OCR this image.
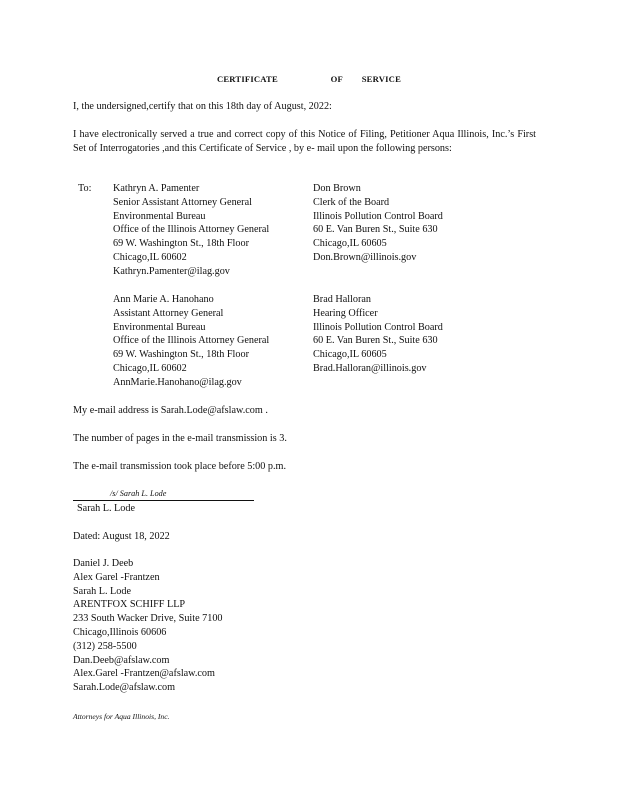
CERTIFICATE	OF SERVICE
I, the undersigned,certify that on this 18th day of August, 2022:
I have electronically served a true and correct copy of this Notice of Filing, Petitioner Aqua Illinois, Inc.’s First Set of Interrogatories ,and this Certificate of Service , by e- mail upon the following persons:
To: Kathryn A. Pamenter
Senior Assistant Attorney General
Environmental Bureau
Office of the Illinois Attorney General
69 W. Washington St., 18th Floor
Chicago,IL 60602
Kathryn.Pamenter@ilag.gov
Don Brown
Clerk of the Board
Illinois Pollution Control Board
60 E. Van Buren St., Suite 630
Chicago,IL 60605
Don.Brown@illinois.gov
Ann Marie A. Hanohano
Assistant Attorney General
Environmental Bureau
Office of the Illinois Attorney General
69 W. Washington St., 18th Floor
Chicago,IL 60602
AnnMarie.Hanohano@ilag.gov
Brad Halloran
Hearing Officer
Illinois Pollution Control Board
60 E. Van Buren St., Suite 630
Chicago,IL 60605
Brad.Halloran@illinois.gov
My e-mail address is Sarah.Lode@afslaw.com .
The number of pages in the e-mail transmission is 3.
The e-mail transmission took place before 5:00 p.m.
/s/ Sarah L. Lode
Sarah L. Lode
Dated: August 18, 2022
Daniel J. Deeb
Alex Garel -Frantzen
Sarah L. Lode
ARENTFOX SCHIFF LLP
233 South Wacker Drive, Suite 7100
Chicago,Illinois 60606
(312) 258-5500
Dan.Deeb@afslaw.com
Alex.Garel -Frantzen@afslaw.com
Sarah.Lode@afslaw.com
Attorneys for Aqua Illinois, Inc.
